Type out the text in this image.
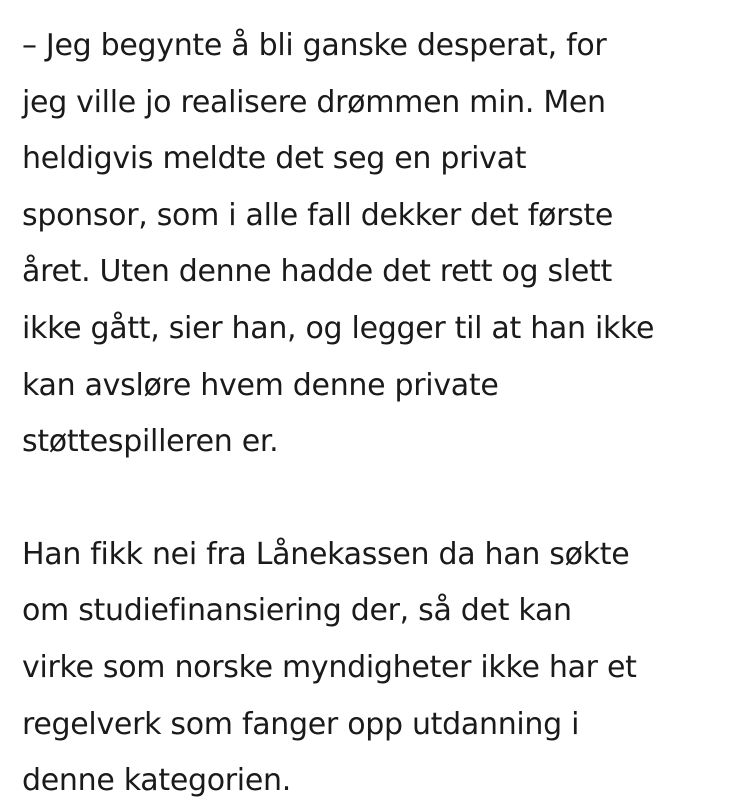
– Jeg begynte å bli ganske desperat, for
jeg ville jo realisere drømmen min. Men
heldigvis meldte det seg en privat
sponsor, som i alle fall dekker det første
året. Uten denne hadde det rett og slett
ikke gått, sier han, og legger til at han ikke
kan avsløre hvem denne private
støttespilleren er.

Han fikk nei fra Lånekassen da han søkte
om studiefinansiering der, så det kan
virke som norske myndigheter ikke har et
regelverk som fanger opp utdanning i
denne kategorien.
